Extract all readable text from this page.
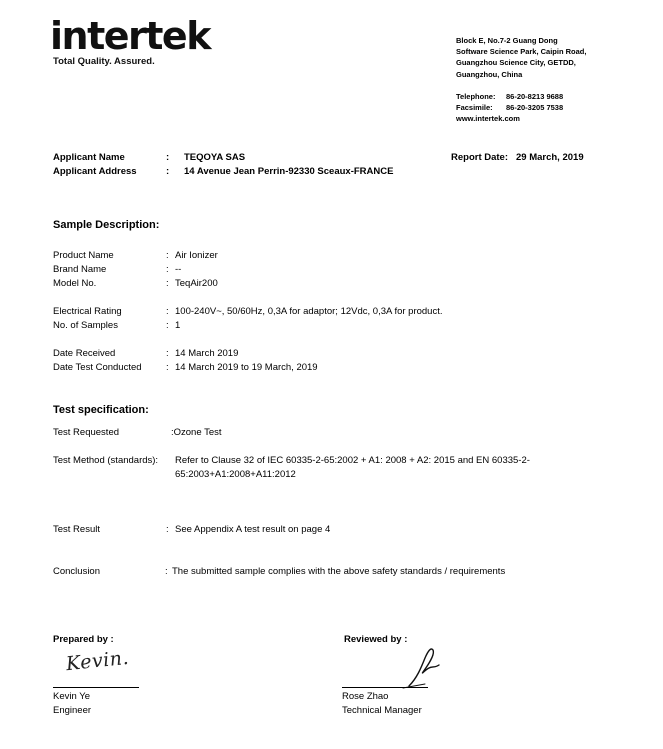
intertek
Total Quality. Assured.
Block E, No.7-2 Guang Dong
Software Science Park, Caipin Road,
Guangzhou Science City, GETDD,
Guangzhou, China
Telephone: 86-20-8213 9688
Facsimile: 86-20-3205 7538
www.intertek.com
Applicant Name	: TEQOYA SAS	Report Date: 29 March, 2019
Applicant Address	: 14 Avenue Jean Perrin-92330 Sceaux-FRANCE
Sample Description:
Product Name	: Air Ionizer
Brand Name	: --
Model No.	: TeqAir200
Electrical Rating	: 100-240V~, 50/60Hz, 0,3A for adaptor; 12Vdc, 0,3A for product.
No. of Samples	: 1
Date Received	: 14 March 2019
Date Test Conducted	: 14 March 2019 to 19 March, 2019
Test specification:
Test Requested	:Ozone Test
Test Method (standards): Refer to Clause 32 of IEC 60335-2-65:2002 + A1: 2008 + A2: 2015 and EN 60335-2-
65:2003+A1:2008+A11:2012
Test Result	: See Appendix A test result on page 4
Conclusion	: The submitted sample complies with the above safety standards / requirements
Prepared by :	Reviewed by :
Kevin.
Kevin Ye
Engineer
Rose Zhao
Technical Manager
